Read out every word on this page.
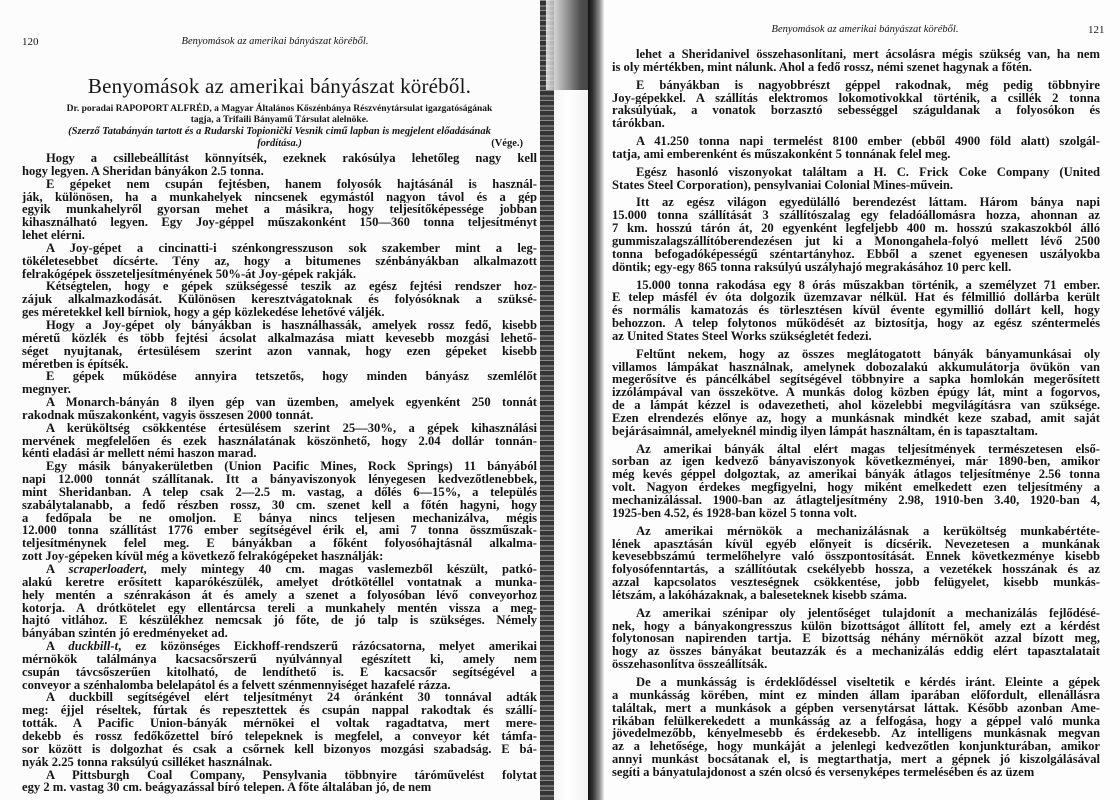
120	Benyomások az amerikai bányászat köréből.
Benyomások az amerikai bányászat köréből.
Dr. poradai RAPOPORT ALFRÉD, a Magyar Általános Kőszénbánya Részvénytársulat igazgatóságának
tagja, a Trifaili Bányamű Társulat alelnöke.
(Szerző Tatabányán tartott és a Rudarski Topionički Vesnik cimű lapban is megjelent előadásának
fordítása.)	(Vége.)
Hogy a csillebeállítást könnyítsék, ezeknek rakósúlya lehetőleg nagy kell
hogy legyen. A Sheridan bányákon 2.5 tonna.
E gépeket nem csupán fejtésben, hanem folyosók hajtásánál is használ-
ják, különösen, ha a munkahelyek nincsenek egymástól nagyon távol és a gép
egyik munkahelyről gyorsan mehet a másikra, hogy teljesítőképessége jobban
kihasználható legyen. Egy Joy-géppel műszakonként 150—360 tonna teljesítményt
lehet elérni.
A Joy-gépet a cincinatti-i szénkongresszuson sok szakember mint a leg-
tökéletesebbet dícsérte. Tény az, hogy a bitumenes szénbányákban alkalmazott
felrakógépek összeteljesítményének 50%-át Joy-gépek rakják.
Kétségtelen, hogy e gépek szükségessé teszik az egész fejtési rendszer hoz-
zájuk alkalmazkodását. Különösen keresztvágatoknak és folyósóknak a szüksé-
ges méretekkel kell bírniok, hogy a gép közlekedése lehetővé váljék.
Hogy a Joy-gépet oly bányákban is használhassák, amelyek rossz fedő, kisebb
méretű közlék és több fejtési ácsolat alkalmazása miatt kevesebb mozgási lehető-
séget nyujtanak, értesülésem szerint azon vannak, hogy ezen gépeket kisebb
méretben is építsék.
E gépek működése annyira tetszetős, hogy minden bányász szemlélőt
megnyer.
A Monarch-bányán 8 ilyen gép van üzemben, amelyek egyenként 250 tonnát
rakodnak műszakonként, vagyis összesen 2000 tonnát.
A kerüköltség csökkentése értesülésem szerint 25—30%, a gépek kihasználási
mervének megfelelően és ezek használatának köszönhető, hogy 2.04 dollár tonnán-
kénti eladási ár mellett némi haszon marad.
Egy másik bányakerületben (Union Pacific Mines, Rock Springs) 11 bányából
napi 12.000 tonnát szállítanak. Itt a bányaviszonyok lényegesen kedvezőtlenebbek,
mint Sheridanban. A telep csak 2—2.5 m. vastag, a dőlés 6—15%, a település
szabálytalanabb, a fedő részben rossz, 30 cm. szenet kell a főtén hagyni, hogy
a fedőpala be ne omoljon. E bánya nincs teljesen mechanizálva, mégis
12.000 tonna szállítást 1776 ember segítségével érik el, ami 7 tonna összműszak-
teljesítménynek felel meg. E bányákban a főként folyosóhajtásnál alkalma-
zott Joy-gépeken kívül még a következő felrakógépeket használják:
A scraperloadert, mely mintegy 40 cm. magas vaslemezből készült, patkó-
alakú keretre erősített kaparókészülék, amelyet drótkötéllel vontatnak a munka-
hely mentén a szénrakáson át és amely a szenet a folyosóban lévő conveyorhoz
kotorja. A drótkötelet egy ellentárcsa tereli a munkahely mentén vissza a meg-
hajtó vitlához. E készülékhez nemcsak jó főte, de jó talp is szükséges. Némely
bányában szintén jó eredményeket ad.
A duckbill-t, ez közönséges Eickhoff-rendszerű rázócsatorna, melyet amerikai
mérnökök találmánya kacsacsőrszerű nyúlvánnyal egészített ki, amely nem
csupán távcsőszerűen kitolható, de lendíthető is. E kacsacsőr segítségével a
conveyor a szénhalomba belelapátol és a felvett szénmennyiséget hazafelé rázza.
A duckbill segítségével elért teljesítményt 24 óránként 30 tonnával adták
meg: éjjel réseltek, fúrtak és repesztettek és csupán nappal rakodtak és szállí-
tották. A Pacific Union-bányák mérnökei el voltak ragadtatva, mert mere-
dekebb és rossz fedőkőzettel bíró telepeknek is megfelel, a conveyor két támfa-
sor között is dolgozhat és csak a csőrnek kell bizonyos mozgási szabadság. E bá-
nyák 2.25 tonna raksúlyú csilléket használnak.
A Pittsburgh Coal Company, Pensylvania többnyire táróművelést folytat
egy 2 m. vastag 30 cm. beágyazással bíró telepen. A főte általában jó, de nem
Benyomások az amerikai bányászat köréből.	121
lehet a Sheridanivel összehasonlítani, mert ácsolásra mégis szükség van, ha nem
is oly mértékben, mint nálunk. Ahol a fedő rossz, némi szenet hagynak a főtén.
E bányákban is nagyobbrészt géppel rakodnak, még pedig többnyire
Joy-gépekkel. A szállítás elektromos lokomotivokkal történik, a csillék 2 tonna
raksúlyúak, a vonatok borzasztó sebességgel száguldanak a folyosókon és
tárókban.
A 41.250 tonna napi termelést 8100 ember (ebből 4900 föld alatt) szolgál-
tatja, ami emberenként és műszakonként 5 tonnának felel meg.
Egész hasonló viszonyokat találtam a H. C. Frick Coke Company (United
States Steel Corporation), pensylvaniai Colonial Mines-művein.
Itt az egész világon egyedülálló berendezést láttam. Három bánya napi
15.000 tonna szállítását 3 szállítószalag egy feladóállomásra hozza, ahonnan az
7 km. hosszú tárón át, 20 egyenként legfeljebb 400 m. hosszú szakaszokból álló
gummiszalagszállítóberendezésen jut ki a Monongahela-folyó mellett lévő 2500
tonna befogadóképességű széntartányhoz. Ebből a szenet egyenesen uszályokba
döntik; egy-egy 865 tonna raksúlyú uszályhajó megrakásához 10 perc kell.
15.000 tonna rakodása egy 8 órás műszakban történik, a személyzet 71 ember.
E telep másfél év óta dolgozik üzemzavar nélkül. Hat és félmillió dollárba került
és normális kamatozás és törlesztésen kívül évente egymillió dollárt kell, hogy
behozzon. A telep folytonos működését az biztosítja, hogy az egész széntermelés
az United States Steel Works szükségletét fedezi.
Feltűnt nekem, hogy az összes meglátogatott bányák bányamunkásai oly
villamos lámpákat használnak, amelynek dobozalakú akkumulátorja övükön van
megerősítve és páncélkábel segítségével többnyire a sapka homlokán megerősített
izzólámpával van összekötve. A munkás dolog közben épúgy lát, mint a fogorvos,
de a lámpát kézzel is odavezetheti, ahol közelebbi megvilágításra van szüksége.
Ezen elrendezés előnye az, hogy a munkásnak mindkét keze szabad, amit saját
bejárásaimnál, amelyeknél mindig ilyen lámpát használtam, én is tapasztaltam.
Az amerikai bányák által elért magas teljesítmények természetesen első-
sorban az igen kedvező bányaviszonyok következményei, már 1890-ben, amikor
még kevés géppel dolgoztak, az amerikai bányák átlagos teljesítménye 2.56 tonna
volt. Nagyon érdekes megfigyelni, hogy miként emelkedett ezen teljesítmény a
mechanizálással. 1900-ban az átlagteljesítmény 2.98, 1910-ben 3.40, 1920-ban 4,
1925-ben 4.52, és 1928-ban közel 5 tonna volt.
Az amerikai mérnökök a mechanizálásnak a kerüköltség munkabértéte-
lének apasztásán kívül egyéb előnyeit is dícsérik. Nevezetesen a munkának
kevesebbszámú termelőhelyre való összpontosítását. Ennek következménye kisebb
folyosófenntartás, a szállítóutak csekélyebb hossza, a vezetékek hosszának és az
azzal kapcsolatos veszteségnek csökkentése, jobb felügyelet, kisebb munkás-
létszám, a lakóházaknak, a baleseteknek kisebb száma.
Az amerikai szénipar oly jelentőséget tulajdonít a mechanizálás fejlődésé-
nek, hogy a bányakongresszus külön bizottságot állított fel, amely ezt a kérdést
folytonosan napirenden tartja. E bizottság néhány mérnököt azzal bízott meg,
hogy az összes bányákat beutazzák és a mechanizálás eddig elért tapasztalatait
összehasonlítva összeállítsák.
De a munkásság is érdeklődéssel viseltetik e kérdés iránt. Eleinte a gépek
a munkásság körében, mint ez minden állam iparában előfordult, ellenállásra
találtak, mert a munkások a gépben versenytársat láttak. Később azonban Ame-
rikában felülkerekedett a munkásság az a felfogása, hogy a géppel való munka
jövedelmezőbb, kényelmesebb és érdekesebb. Az intelligens munkásnak megvan
az a lehetősége, hogy munkáját a jelenlegi kedvezőtlen konjunkturában, amikor
annyi munkást bocsátanak el, is megtarthatja, mert a gépnek jó kiszolgálásával
segíti a bányatulajdonost a szén olcsó és versenyképes termelésében és az üzem
